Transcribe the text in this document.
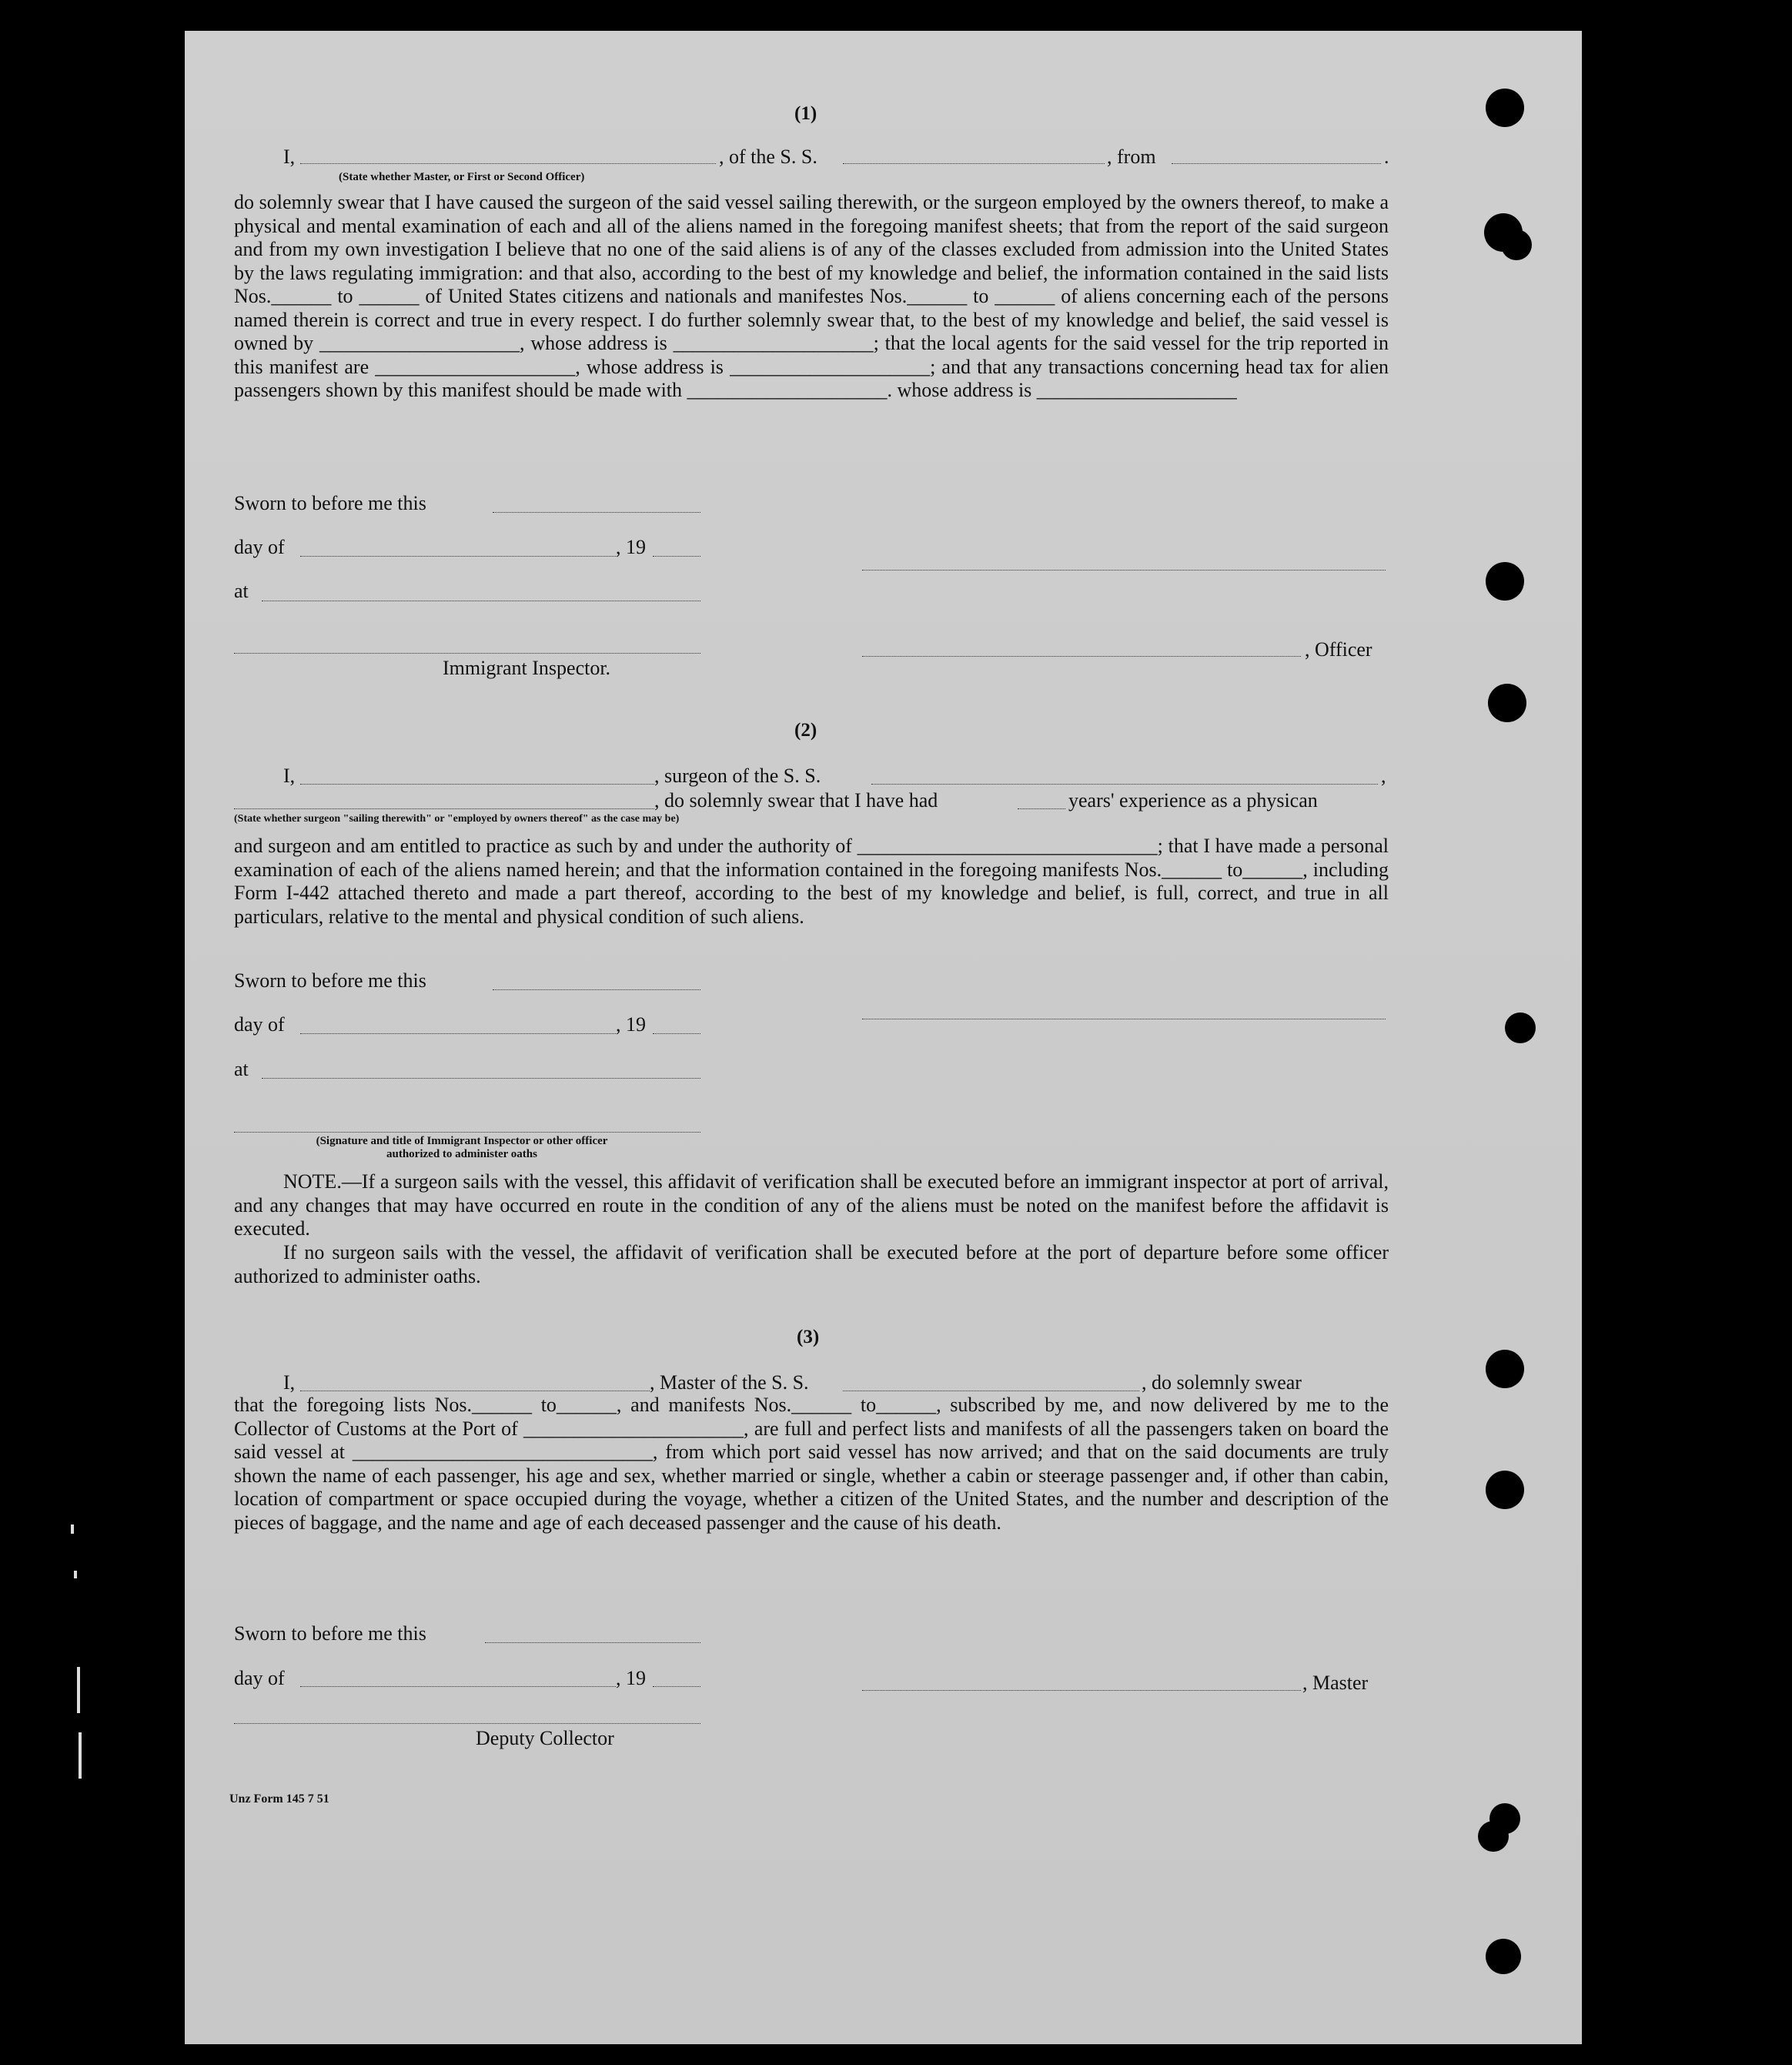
(1)
I,	, of the S. S.	, from	.
(State whether Master, or First or Second Officer)
do solemnly swear that I have caused the surgeon of the said vessel sailing therewith, or the surgeon employed by the owners thereof, to make a physical and mental examination of each and all of the aliens named in the foregoing manifest sheets; that from the report of the said surgeon and from my own investigation I believe that no one of the said aliens is of any of the classes excluded from admission into the United States by the laws regulating immigration: and that also, according to the best of my knowledge and belief, the information contained in the said lists Nos.______ to ______ of United States citizens and nationals and manifestes Nos.______ to ______ of aliens concerning each of the persons named therein is correct and true in every respect. I do further solemnly swear that, to the best of my knowledge and belief, the said vessel is owned by ____________________, whose address is ____________________; that the local agents for the said vessel for the trip reported in this manifest are ____________________, whose address is ____________________; and that any transactions concerning head tax for alien passengers shown by this manifest should be made with ____________________. whose address is ____________________
Sworn to before me this
day of	, 19
at
Immigrant Inspector.
, Officer
(2)
I,	, surgeon of the S. S.	,
, do solemnly swear that I have had	years' experience as a physican
(State whether surgeon "sailing therewith" or "employed by owners thereof" as the case may be)
and surgeon and am entitled to practice as such by and under the authority of ______________________________; that I have made a personal examination of each of the aliens named herein; and that the information contained in the foregoing manifests Nos.______ to______, including Form I-442 attached thereto and made a part thereof, according to the best of my knowledge and belief, is full, correct, and true in all particulars, relative to the mental and physical condition of such aliens.
Sworn to before me this
day of	, 19
at
(Signature and title of Immigrant Inspector or other officer authorized to administer oaths
NOTE.—If a surgeon sails with the vessel, this affidavit of verification shall be executed before an immigrant inspector at port of arrival, and any changes that may have occurred en route in the condition of any of the aliens must be noted on the manifest before the affidavit is executed.
If no surgeon sails with the vessel, the affidavit of verification shall be executed before at the port of departure before some officer authorized to administer oaths.
(3)
I,	, Master of the S. S.	, do solemnly swear
that the foregoing lists Nos.______ to______, and manifests Nos.______ to______, subscribed by me, and now delivered by me to the Collector of Customs at the Port of ______________________, are full and perfect lists and manifests of all the passengers taken on board the said vessel at ______________________________, from which port said vessel has now arrived; and that on the said documents are truly shown the name of each passenger, his age and sex, whether married or single, whether a cabin or steerage passenger and, if other than cabin, location of compartment or space occupied during the voyage, whether a citizen of the United States, and the number and description of the pieces of baggage, and the name and age of each deceased passenger and the cause of his death.
Sworn to before me this
day of	, 19	, Master
Deputy Collector
Unz Form 145 7 51
